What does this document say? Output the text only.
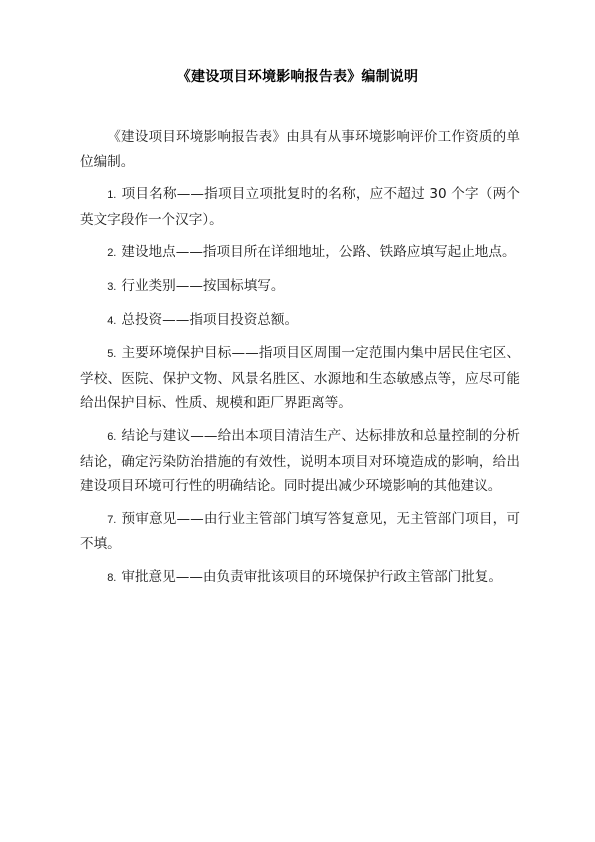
《建设项目环境影响报告表》编制说明

《建设项目环境影响报告表》由具有从事环境影响评价工作资质的单位编制。

1. 项目名称——指项目立项批复时的名称，应不超过 30 个字（两个英文字段作一个汉字）。

2. 建设地点——指项目所在详细地址，公路、铁路应填写起止地点。

3. 行业类别——按国标填写。

4. 总投资——指项目投资总额。

5. 主要环境保护目标——指项目区周围一定范围内集中居民住宅区、学校、医院、保护文物、风景名胜区、水源地和生态敏感点等，应尽可能给出保护目标、性质、规模和距厂界距离等。

6. 结论与建议——给出本项目清洁生产、达标排放和总量控制的分析结论，确定污染防治措施的有效性，说明本项目对环境造成的影响，给出建设项目环境可行性的明确结论。同时提出减少环境影响的其他建议。

7. 预审意见——由行业主管部门填写答复意见，无主管部门项目，可不填。

8. 审批意见——由负责审批该项目的环境保护行政主管部门批复。
